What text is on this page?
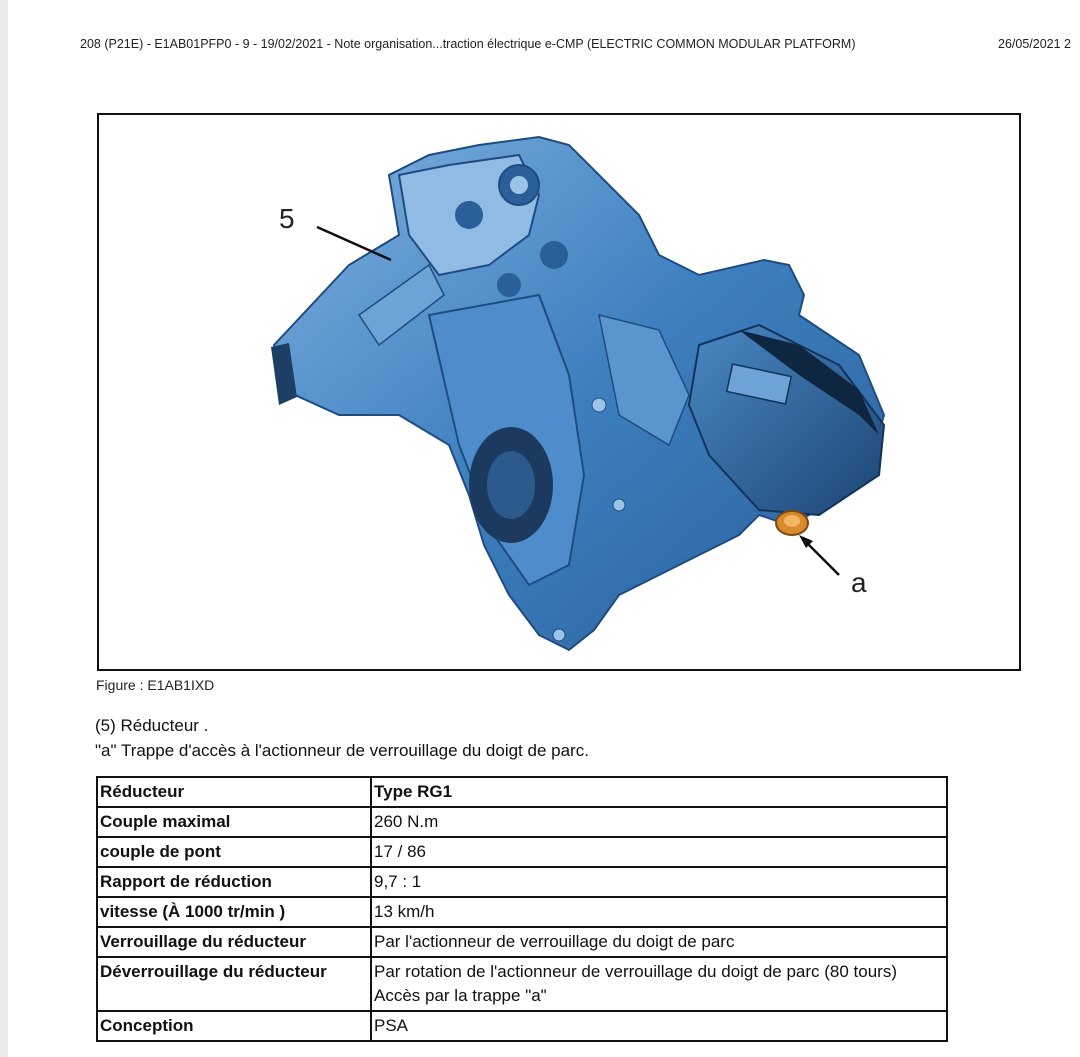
208 (P21E) - E1AB01PFP0 - 9 - 19/02/2021 - Note organisation...traction électrique e-CMP (ELECTRIC COMMON MODULAR PLATFORM)	26/05/2021 2
5
a
Figure : E1AB1IXD
(5) Réducteur .
"a" Trappe d'accès à l'actionneur de verrouillage du doigt de parc.
Réducteur	Type RG1
Couple maximal	260 N.m
couple de pont	17 / 86
Rapport de réduction	9,7 : 1
vitesse (À 1000 tr/min )	13 km/h
Verrouillage du réducteur	Par l'actionneur de verrouillage du doigt de parc
Déverrouillage du réducteur	Par rotation de l'actionneur de verrouillage du doigt de parc (80 tours)
Accès par la trappe "a"

Conception	PSA
